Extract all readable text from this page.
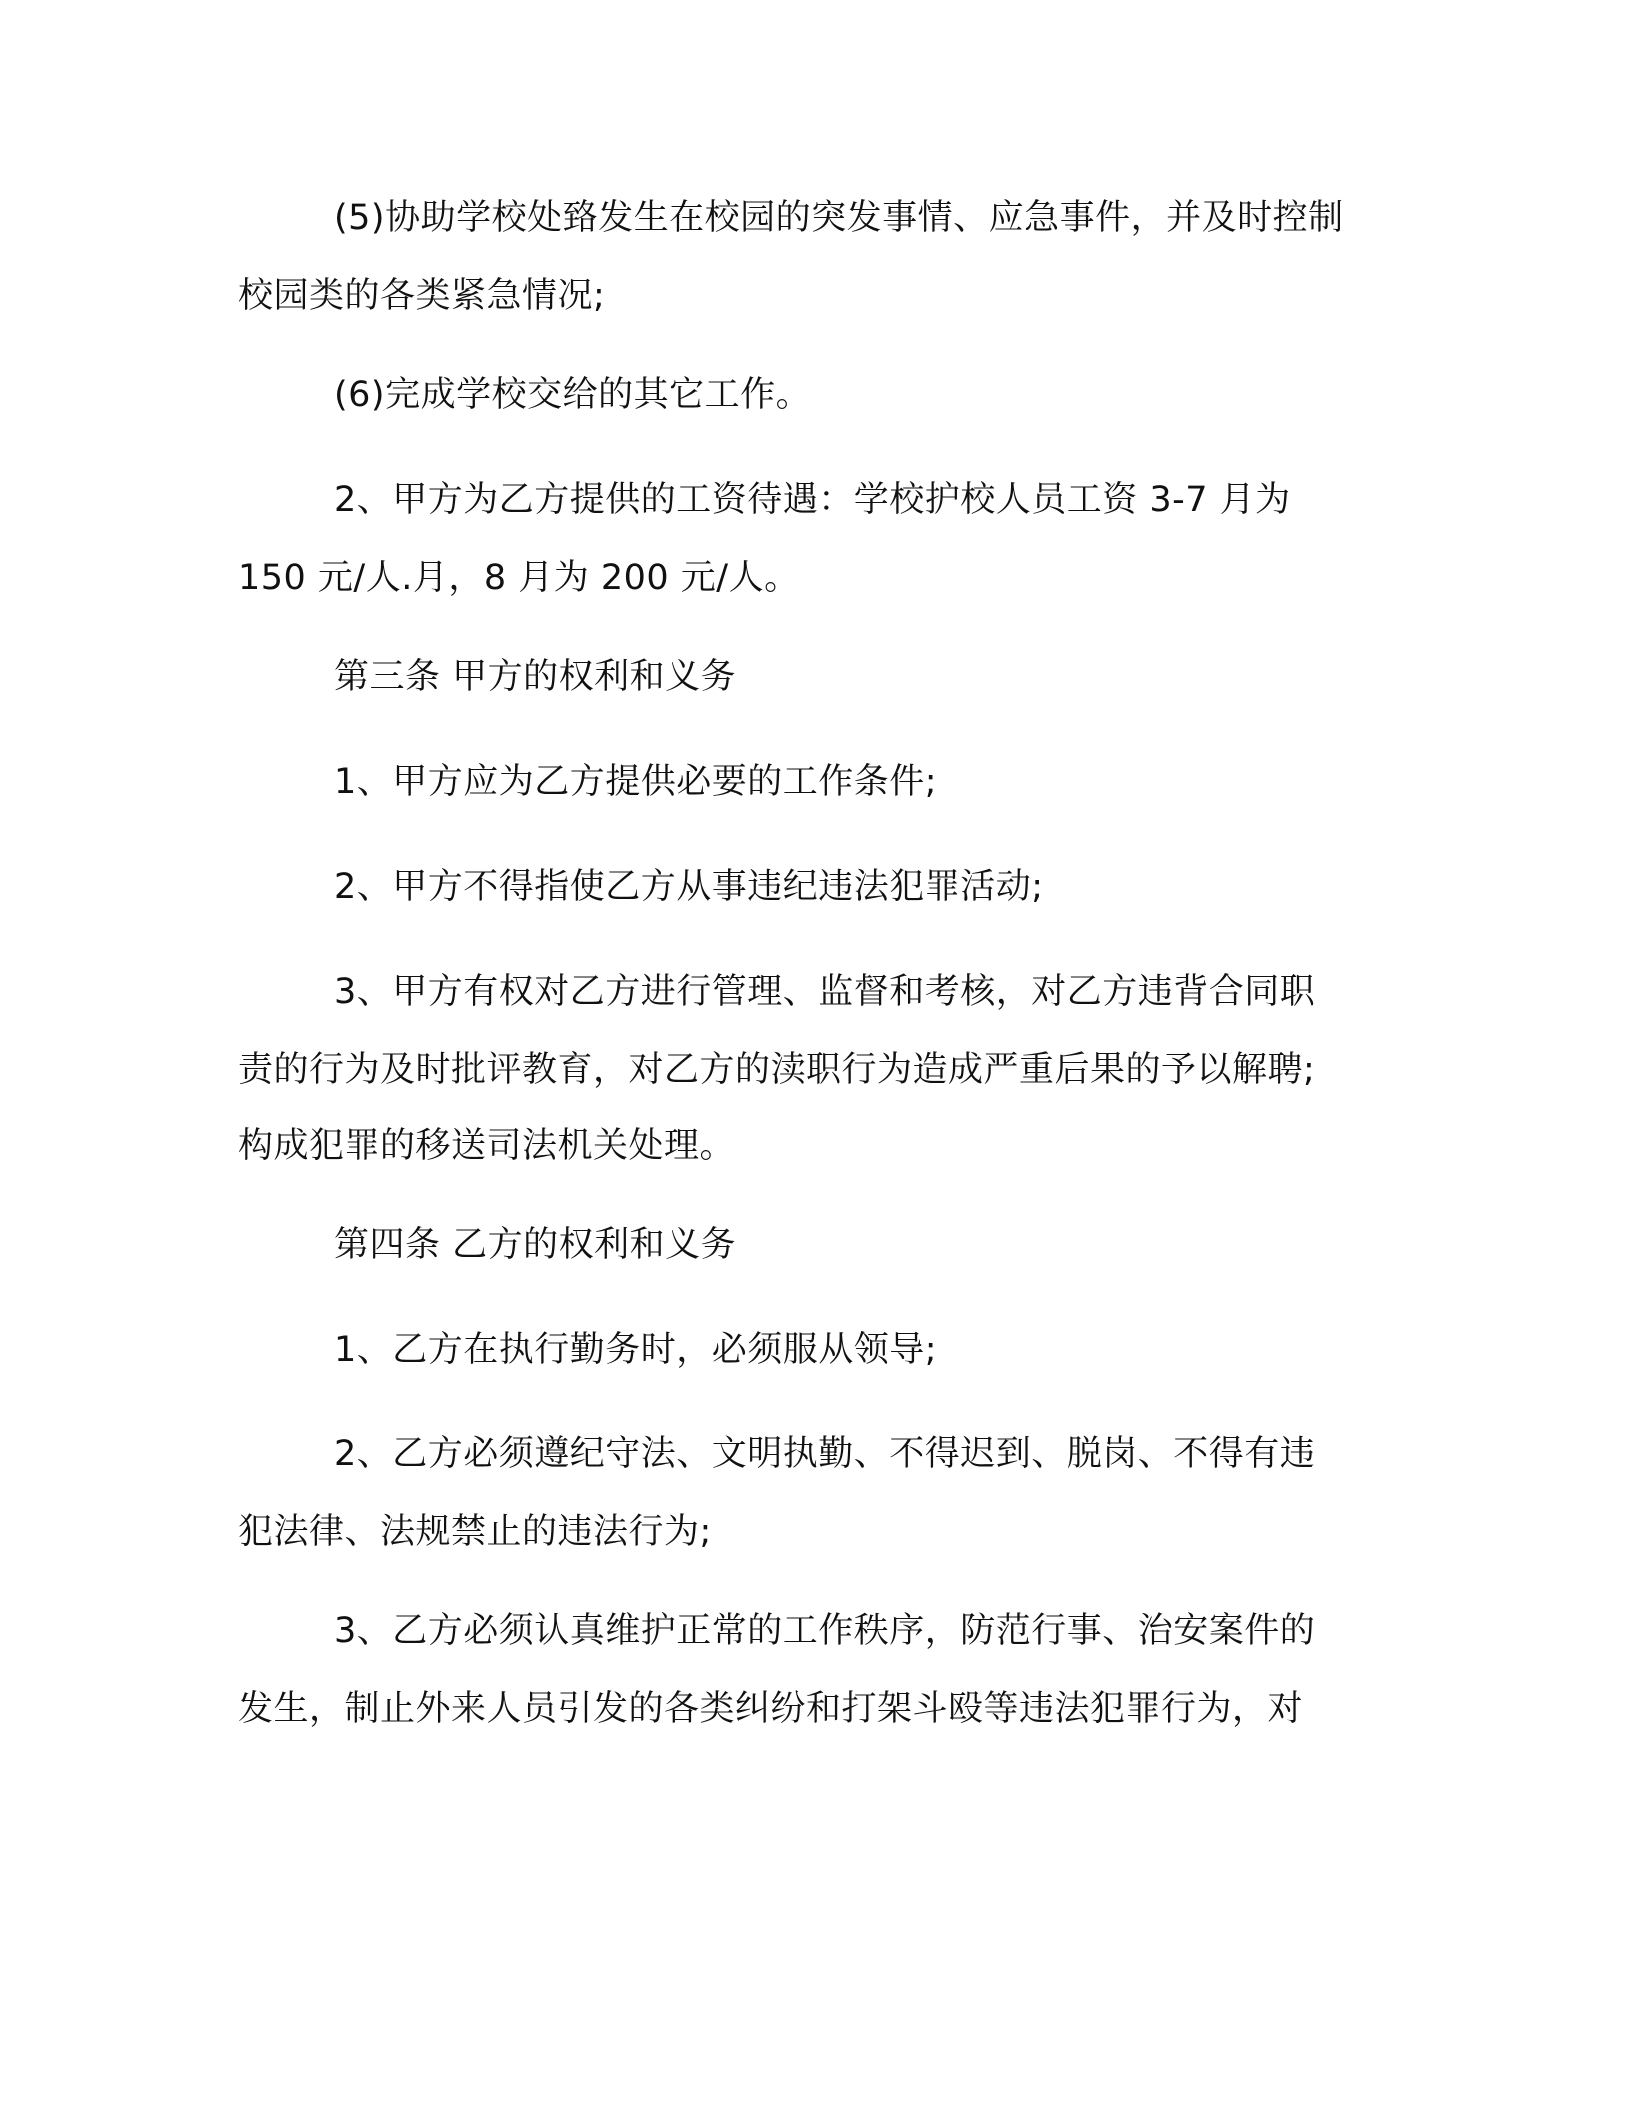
(5)协助学校处臵发生在校园的突发事情、应急事件，并及时控制
校园类的各类紧急情况;
(6)完成学校交给的其它工作。
2、甲方为乙方提供的工资待遇：学校护校人员工资 3-7 月为
150 元/人.月，8 月为 200 元/人。
第三条 甲方的权利和义务
1、甲方应为乙方提供必要的工作条件;
2、甲方不得指使乙方从事违纪违法犯罪活动;
3、甲方有权对乙方进行管理、监督和考核，对乙方违背合同职
责的行为及时批评教育，对乙方的渎职行为造成严重后果的予以解聘;
构成犯罪的移送司法机关处理。
第四条 乙方的权利和义务
1、乙方在执行勤务时，必须服从领导;
2、乙方必须遵纪守法、文明执勤、不得迟到、脱岗、不得有违
犯法律、法规禁止的违法行为;
3、乙方必须认真维护正常的工作秩序，防范行事、治安案件的
发生，制止外来人员引发的各类纠纷和打架斗殴等违法犯罪行为，对
